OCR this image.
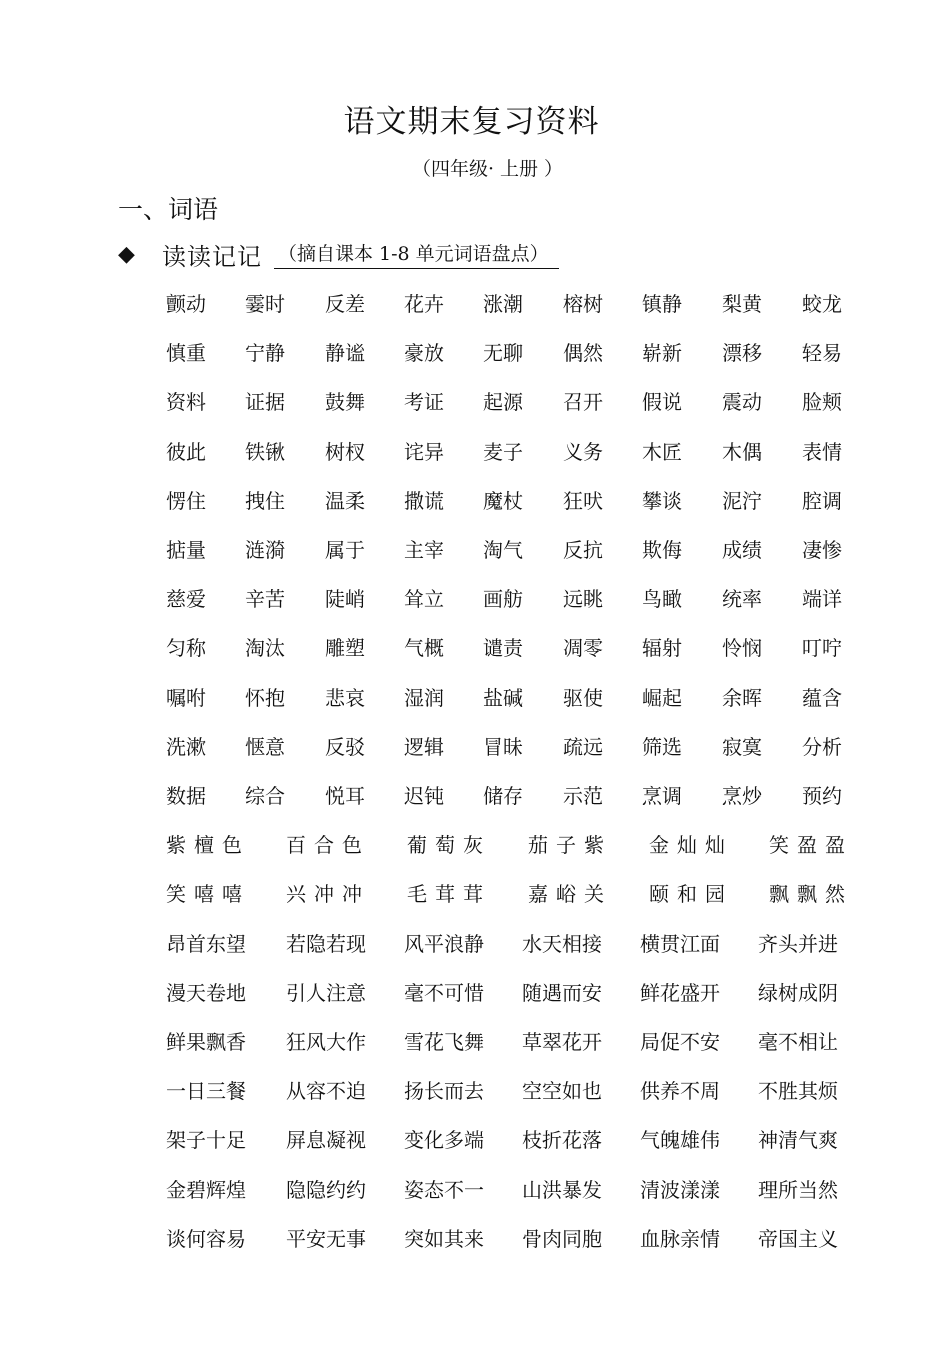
语文期末复习资料
（四年级· 上册 ）
一、词语
◆	读读记记 （摘自课本 1-8 单元词语盘点）
颤动 霎时 反差 花卉 涨潮 榕树 镇静 梨黄 蛟龙
慎重 宁静 静谧 豪放 无聊 偶然 崭新 漂移 轻易
资料 证据 鼓舞 考证 起源 召开 假说 震动 脸颊
彼此 铁锹 树杈 诧异 麦子 义务 木匠 木偶 表情
愣住 拽住 温柔 撒谎 魔杖 狂吠 攀谈 泥泞 腔调
掂量 涟漪 属于 主宰 淘气 反抗 欺侮 成绩 凄惨
慈爱 辛苦 陡峭 耸立 画舫 远眺 鸟瞰 统率 端详
匀称 淘汰 雕塑 气概 谴责 凋零 辐射 怜悯 叮咛
嘱咐 怀抱 悲哀 湿润 盐碱 驱使 崛起 余晖 蕴含
洗漱 惬意 反驳 逻辑 冒昧 疏远 筛选 寂寞 分析
数据 综合 悦耳 迟钝 储存 示范 烹调 烹炒 预约
紫檀色 百合色 葡萄灰 茄子紫 金灿灿 笑盈盈
笑嘻嘻 兴冲冲 毛茸茸 嘉峪关 颐和园 飘飘然
昂首东望 若隐若现 风平浪静 水天相接 横贯江面 齐头并进
漫天卷地 引人注意 毫不可惜 随遇而安 鲜花盛开 绿树成阴
鲜果飘香 狂风大作 雪花飞舞 草翠花开 局促不安 毫不相让
一日三餐 从容不迫 扬长而去 空空如也 供养不周 不胜其烦
架子十足 屏息凝视 变化多端 枝折花落 气魄雄伟 神清气爽
金碧辉煌 隐隐约约 姿态不一 山洪暴发 清波漾漾 理所当然
谈何容易 平安无事 突如其来 骨肉同胞 血脉亲情 帝国主义
